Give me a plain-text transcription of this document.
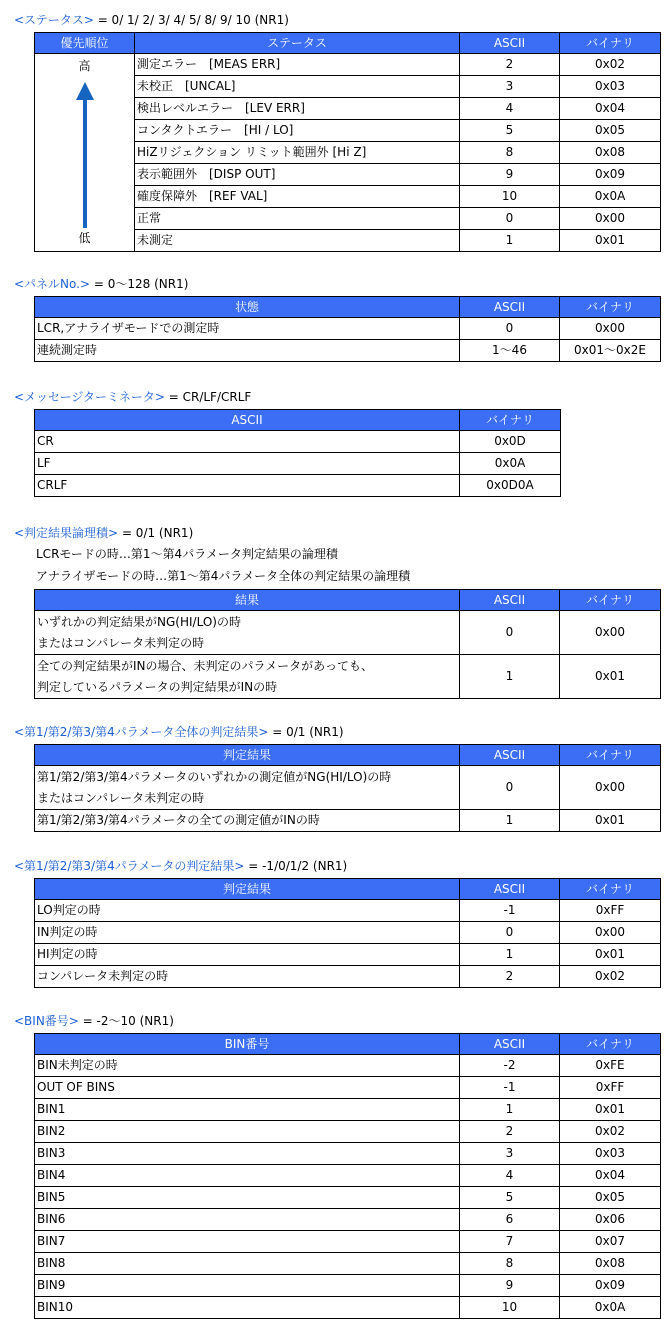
<ステータス> = 0/ 1/ 2/ 3/ 4/ 5/ 8/ 9/ 10 (NR1)
優先順位	ステータス	ASCII	バイナリ

高
低	測定エラー　[MEAS ERR]	2	0x02
	未校正　[UNCAL]	3	0x03
	検出レベルエラー　[LEV ERR]	4	0x04
	コンタクトエラー　[HI / LO]	5	0x05
	HiZリジェクション リミット範囲外 [Hi Z]	8	0x08
	表示範囲外　[DISP OUT]	9	0x09
	確度保障外　[REF VAL]	10	0x0A
	正常	0	0x00
	未測定	1	0x01
<パネルNo.> = 0～128 (NR1)
状態	ASCII	バイナリ
LCR,アナライザモードでの測定時	0	0x00
連続測定時	1～46	0x01～0x2E
<メッセージターミネータ> = CR/LF/CRLF
ASCII	バイナリ
CR	0x0D
LF	0x0A
CRLF	0x0D0A
<判定結果論理積> = 0/1 (NR1)
LCRモードの時…第1～第4パラメータ判定結果の論理積
アナライザモードの時…第1～第4パラメータ全体の判定結果の論理積
結果	ASCII	バイナリ
いずれかの判定結果がNG(HI/LO)の時
またはコンパレータ未判定の時	0	0x00
全ての判定結果がINの場合、未判定のパラメータがあっても、
判定しているパラメータの判定結果がINの時	1	0x01
<第1/第2/第3/第4パラメータ全体の判定結果> = 0/1 (NR1)
判定結果	ASCII	バイナリ
第1/第2/第3/第4パラメータのいずれかの測定値がNG(HI/LO)の時
またはコンパレータ未判定の時	0	0x00
第1/第2/第3/第4パラメータの全ての測定値がINの時	1	0x01
<第1/第2/第3/第4パラメータの判定結果> = -1/0/1/2 (NR1)
判定結果	ASCII	バイナリ
LO判定の時	-1	0xFF
IN判定の時	0	0x00
HI判定の時	1	0x01
コンパレータ未判定の時	2	0x02
<BIN番号> = -2～10 (NR1)
BIN番号	ASCII	バイナリ
BIN未判定の時	-2	0xFE
OUT OF BINS	-1	0xFF
BIN1	1	0x01
BIN2	2	0x02
BIN3	3	0x03
BIN4	4	0x04
BIN5	5	0x05
BIN6	6	0x06
BIN7	7	0x07
BIN8	8	0x08
BIN9	9	0x09
BIN10	10	0x0A
